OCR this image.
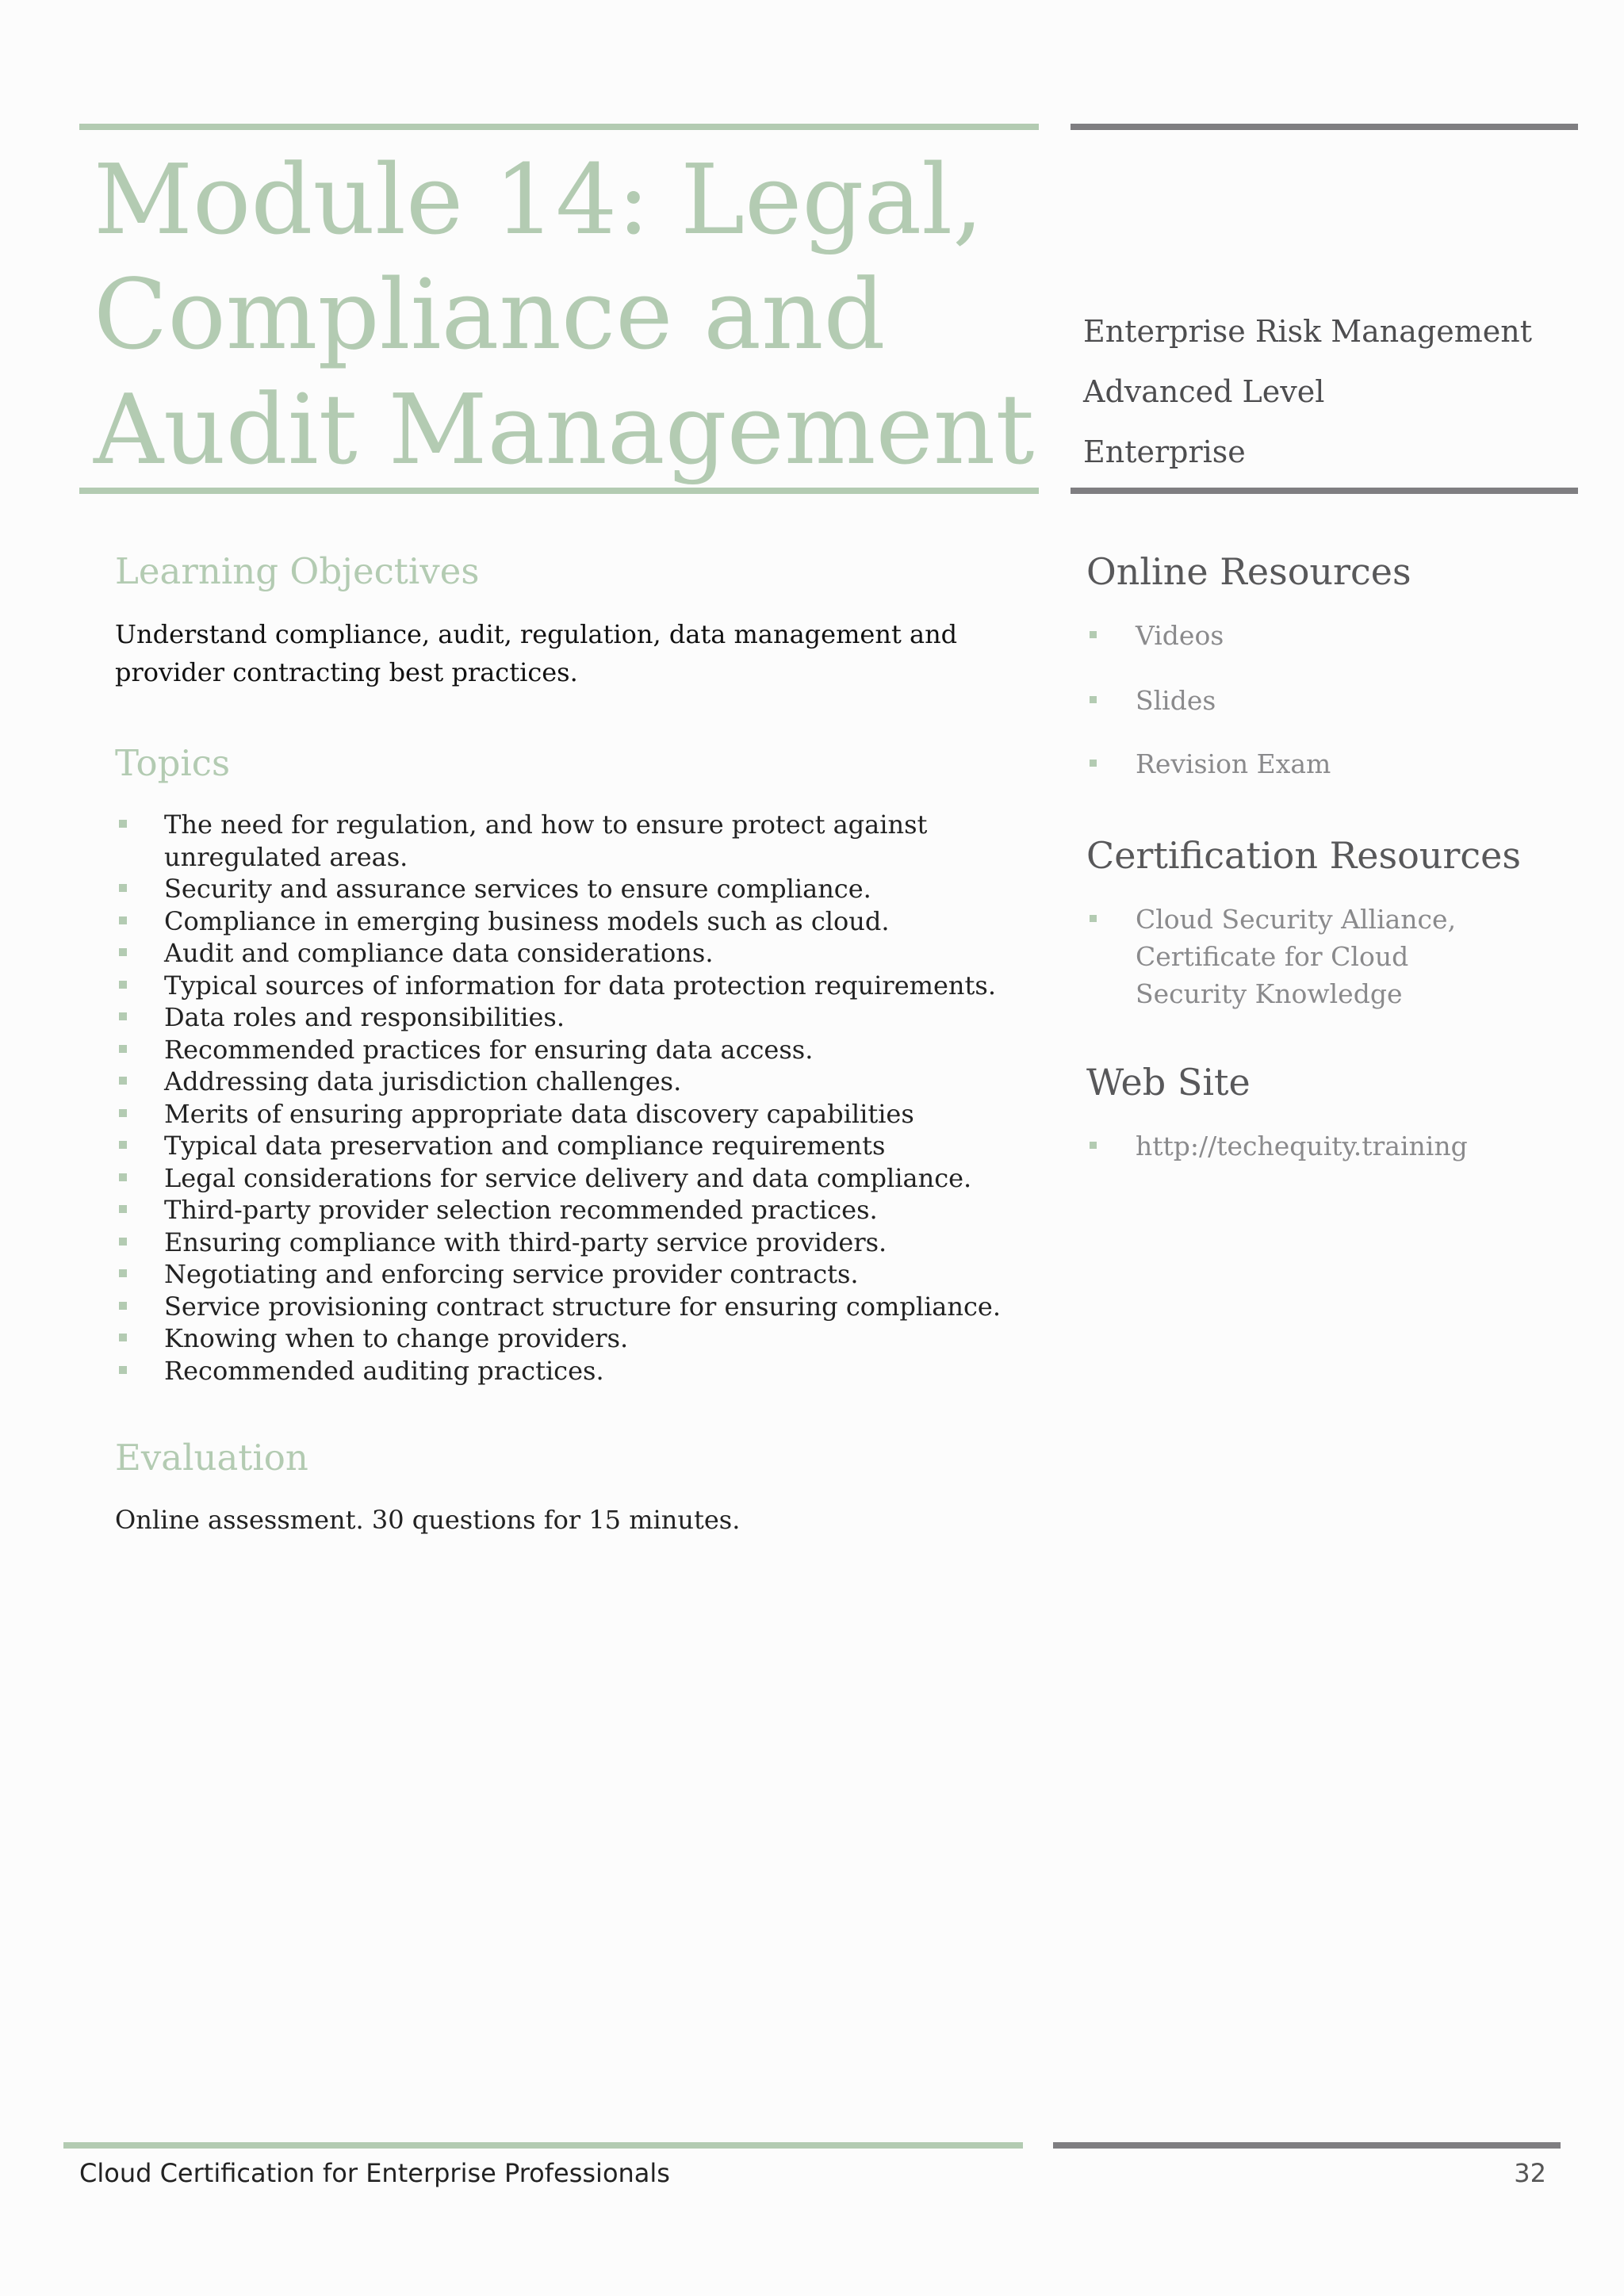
Module 14: Legal,
Compliance and
Audit Management
Enterprise Risk Management
Advanced Level
Enterprise
Learning Objectives

Understand compliance, audit, regulation, data management and provider contracting best practices.

Topics
The need for regulation, and how to ensure protect against unregulated areas.
Security and assurance services to ensure compliance.
Compliance in emerging business models such as cloud.
Audit and compliance data considerations.
Typical sources of information for data protection requirements.
Data roles and responsibilities.
Recommended practices for ensuring data access.
Addressing data jurisdiction challenges.
Merits of ensuring appropriate data discovery capabilities
Typical data preservation and compliance requirements
Legal considerations for service delivery and data compliance.
Third-party provider selection recommended practices.
Ensuring compliance with third-party service providers.
Negotiating and enforcing service provider contracts.
Service provisioning contract structure for ensuring compliance.
Knowing when to change providers.
Recommended auditing practices.
Evaluation

Online assessment. 30 questions for 15 minutes.

Online Resources
Videos
Slides
Revision Exam
Certification Resources
Cloud Security Alliance, Certificate for Cloud Security Knowledge
Web Site
http://techequity.training
Cloud Certification for Enterprise Professionals	32
